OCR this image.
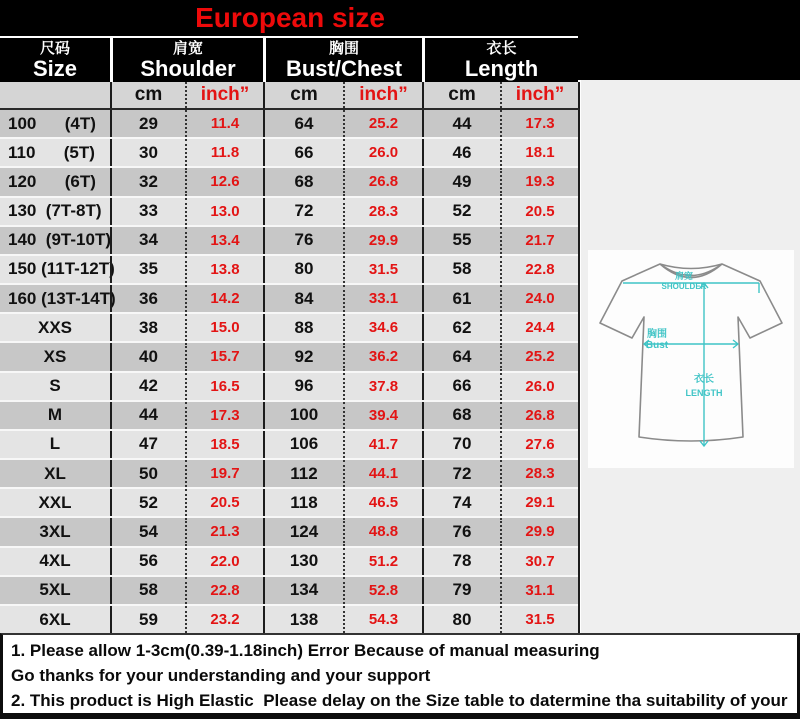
European size
尺码
Size
肩宽
Shoulder
胸围
Bust/Chest
衣长
Length
cm	inch”	cm	inch”	cm	inch”
100      (4T)	29	11.4	64	25.2	44	17.3
110      (5T)	30	11.8	66	26.0	46	18.1
120      (6T)	32	12.6	68	26.8	49	19.3
130  (7T-8T)	33	13.0	72	28.3	52	20.5
140  (9T-10T)	34	13.4	76	29.9	55	21.7
150 (11T-12T)	35	13.8	80	31.5	58	22.8
160 (13T-14T)	36	14.2	84	33.1	61	24.0
XXS	38	15.0	88	34.6	62	24.4
XS	40	15.7	92	36.2	64	25.2
S	42	16.5	96	37.8	66	26.0
M	44	17.3	100	39.4	68	26.8
L	47	18.5	106	41.7	70	27.6
XL	50	19.7	112	44.1	72	28.3
XXL	52	20.5	118	46.5	74	29.1
3XL	54	21.3	124	48.8	76	29.9
4XL	56	22.0	130	51.2	78	30.7
5XL	58	22.8	134	52.8	79	31.1
6XL	59	23.2	138	54.3	80	31.5
肩宽
SHOULDER
胸围
Bust
衣长
LENGTH
1. Please allow 1-3cm(0.39-1.18inch) Error Because of manual measuring
Go thanks for your understanding and your support
2. This product is High Elastic  Please delay on the Size table to datermine tha suitability of your
